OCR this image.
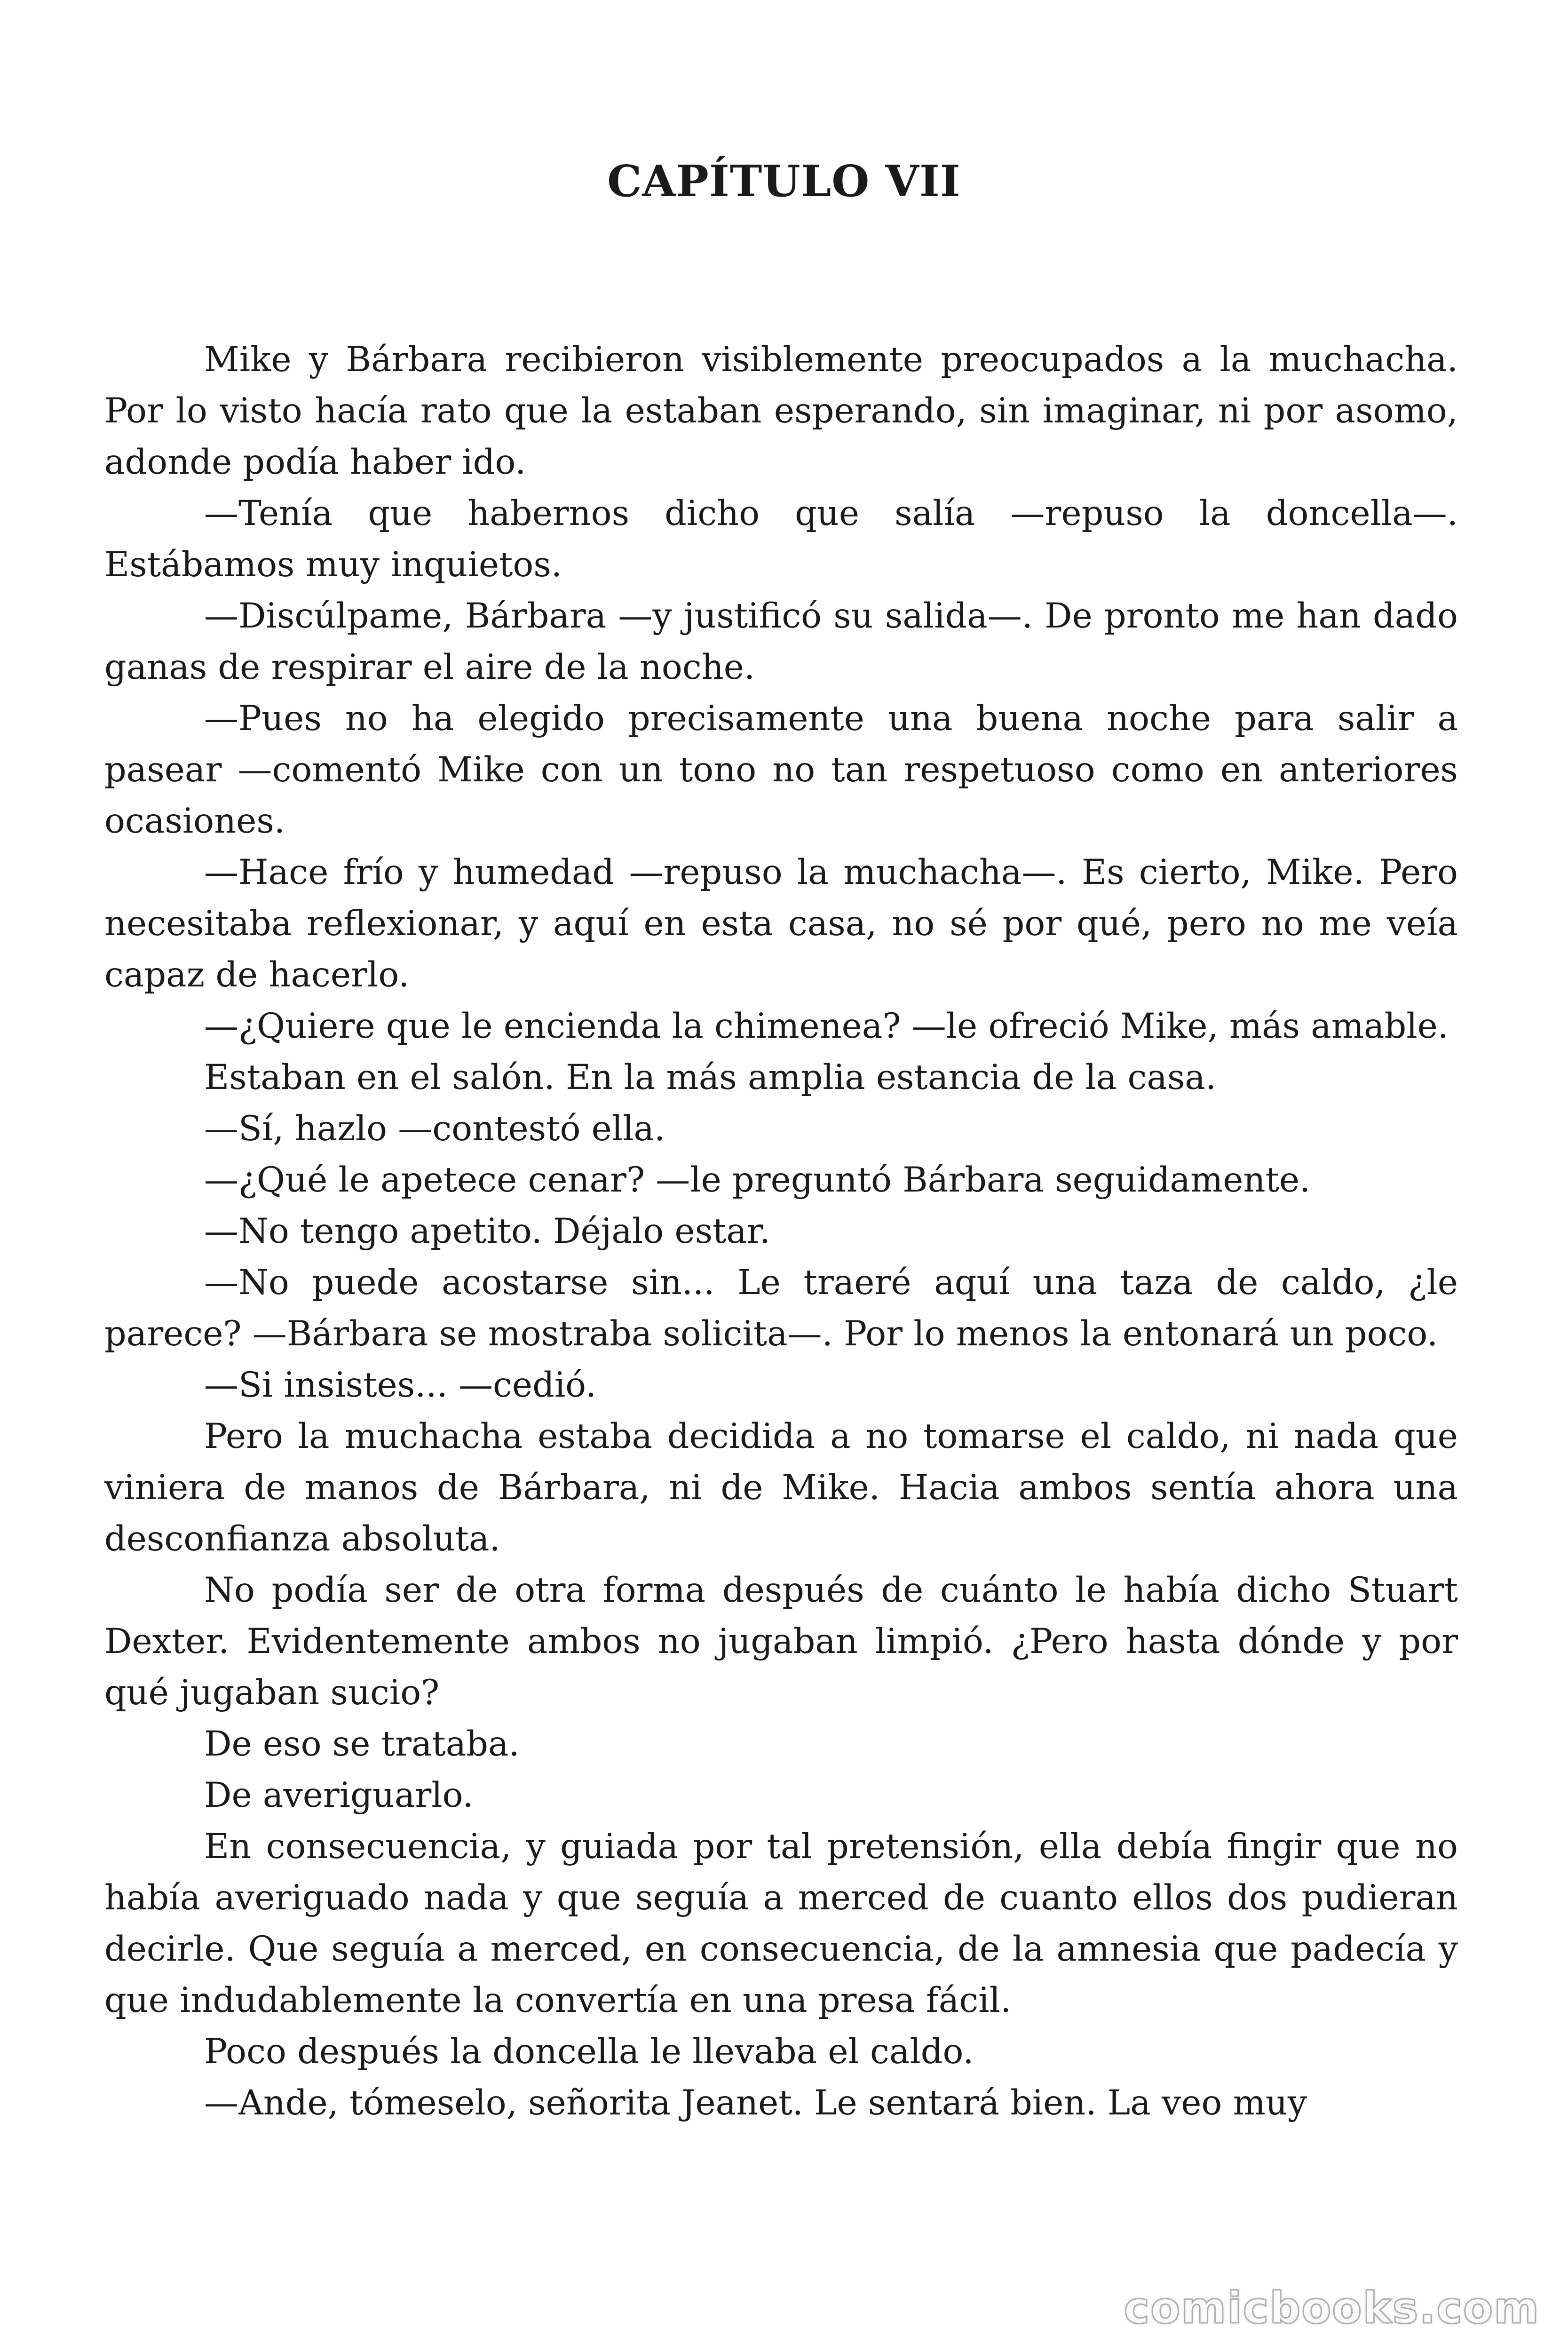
CAPÍTULO VII

Mike y Bárbara recibieron visiblemente preocupados a la muchacha. Por lo visto hacía rato que la estaban esperando, sin imaginar, ni por asomo, adonde podía haber ido.

—Tenía que habernos dicho que salía —repuso la doncella—. Estábamos muy inquietos.

—Discúlpame, Bárbara —y justificó su salida—. De pronto me han dado ganas de respirar el aire de la noche.

—Pues no ha elegido precisamente una buena noche para salir a pasear —comentó Mike con un tono no tan respetuoso como en anteriores ocasiones.

—Hace frío y humedad —repuso la muchacha—. Es cierto, Mike. Pero necesitaba reflexionar, y aquí en esta casa, no sé por qué, pero no me veía capaz de hacerlo.

—¿Quiere que le encienda la chimenea? —le ofreció Mike, más amable.

Estaban en el salón. En la más amplia estancia de la casa.

—Sí, hazlo —contestó ella.

—¿Qué le apetece cenar? —le preguntó Bárbara seguidamente.

—No tengo apetito. Déjalo estar.

—No puede acostarse sin... Le traeré aquí una taza de caldo, ¿le parece? —Bárbara se mostraba solicita—. Por lo menos la entonará un poco.

—Si insistes... —cedió.

Pero la muchacha estaba decidida a no tomarse el caldo, ni nada que viniera de manos de Bárbara, ni de Mike. Hacia ambos sentía ahora una desconfianza absoluta.

No podía ser de otra forma después de cuánto le había dicho Stuart Dexter. Evidentemente ambos no jugaban limpió. ¿Pero hasta dónde y por qué jugaban sucio?

De eso se trataba.

De averiguarlo.

En consecuencia, y guiada por tal pretensión, ella debía fingir que no había averiguado nada y que seguía a merced de cuanto ellos dos pudieran decirle. Que seguía a merced, en consecuencia, de la amnesia que padecía y que indudablemente la convertía en una presa fácil.

Poco después la doncella le llevaba el caldo.

—Ande, tómeselo, señorita Jeanet. Le sentará bien. La veo muy

comicbooks.com
